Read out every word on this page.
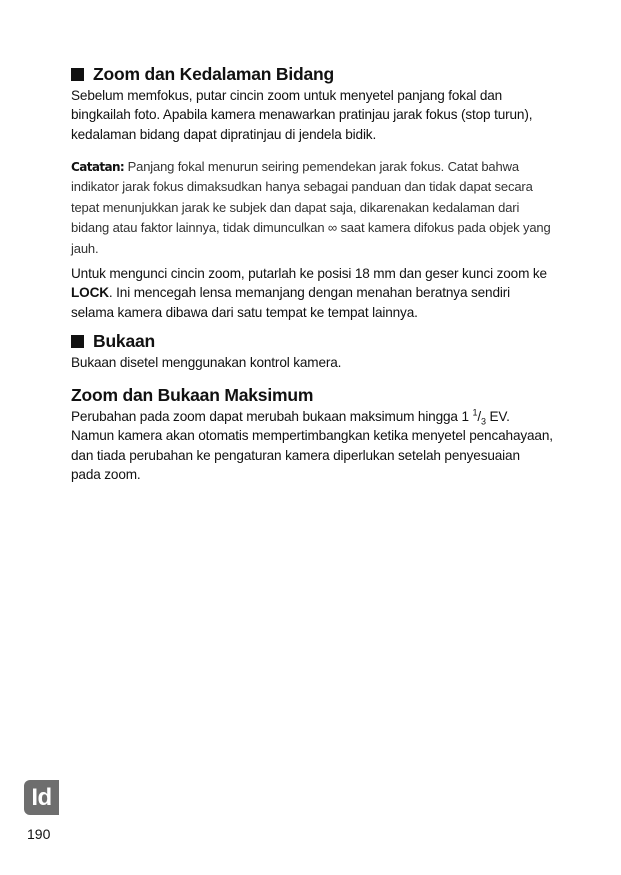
Zoom dan Kedalaman Bidang

Sebelum memfokus, putar cincin zoom untuk menyetel panjang fokal dan bingkailah foto. Apabila kamera menawarkan pratinjau jarak fokus (stop turun), kedalaman bidang dapat dipratinjau di jendela bidik.

Catatan: Panjang fokal menurun seiring pemendekan jarak fokus. Catat bahwa indikator jarak fokus dimaksudkan hanya sebagai panduan dan tidak dapat secara tepat menunjukkan jarak ke subjek dan dapat saja, dikarenakan kedalaman dari bidang atau faktor lainnya, tidak dimunculkan ∞ saat kamera difokus pada objek yang jauh.

Untuk mengunci cincin zoom, putarlah ke posisi 18 mm dan geser kunci zoom ke LOCK. Ini mencegah lensa memanjang dengan menahan beratnya sendiri selama kamera dibawa dari satu tempat ke tempat lainnya.

Bukaan

Bukaan disetel menggunakan kontrol kamera.

Zoom dan Bukaan Maksimum

Perubahan pada zoom dapat merubah bukaan maksimum hingga 1 $^1/_3$ EV. Namun kamera akan otomatis mempertimbangkan ketika menyetel pencahayaan, dan tiada perubahan ke pengaturan kamera diperlukan setelah penyesuaian pada zoom.

Id
190
